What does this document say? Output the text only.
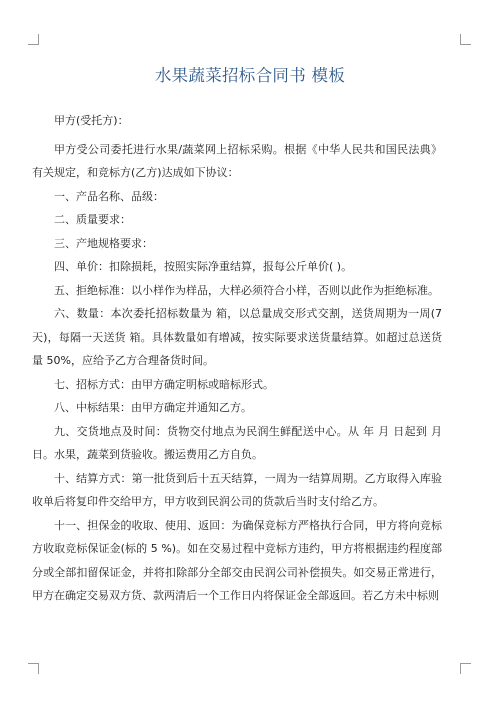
水果蔬菜招标合同书 模板

甲方(受托方)：

甲方受公司委托进行水果/蔬菜网上招标采购。根据《中华人民共和国民法典》有关规定，和竞标方(乙方)达成如下协议：

一、产品名称、品级：

二、质量要求：

三、产地规格要求：

四、单价：扣除损耗，按照实际净重结算，报每公斤单价( )。

五、拒绝标准：以小样作为样品，大样必须符合小样，否则以此作为拒绝标准。

六、数量：本次委托招标数量为 箱，以总量成交形式交割，送货周期为一周(7天)，每隔一天送货 箱。具体数量如有增减，按实际要求送货量结算。如超过总送货量 50%，应给予乙方合理备货时间。

七、招标方式：由甲方确定明标或暗标形式。

八、中标结果：由甲方确定并通知乙方。

九、交货地点及时间：货物交付地点为民润生鲜配送中心。从 年 月 日起到 月 日。水果，蔬菜到货验收。搬运费用乙方自负。

十、结算方式：第一批货到后十五天结算，一周为一结算周期。乙方取得入库验收单后将复印件交给甲方，甲方收到民润公司的货款后当时支付给乙方。

十一、担保金的收取、使用、返回：为确保竞标方严格执行合同，甲方将向竞标方收取竞标保证金(标的 5 %)。如在交易过程中竞标方违约，甲方将根据违约程度部分或全部扣留保证金，并将扣除部分全部交由民润公司补偿损失。如交易正常进行，甲方在确定交易双方货、款两清后一个工作日内将保证金全部返回。若乙方未中标则
